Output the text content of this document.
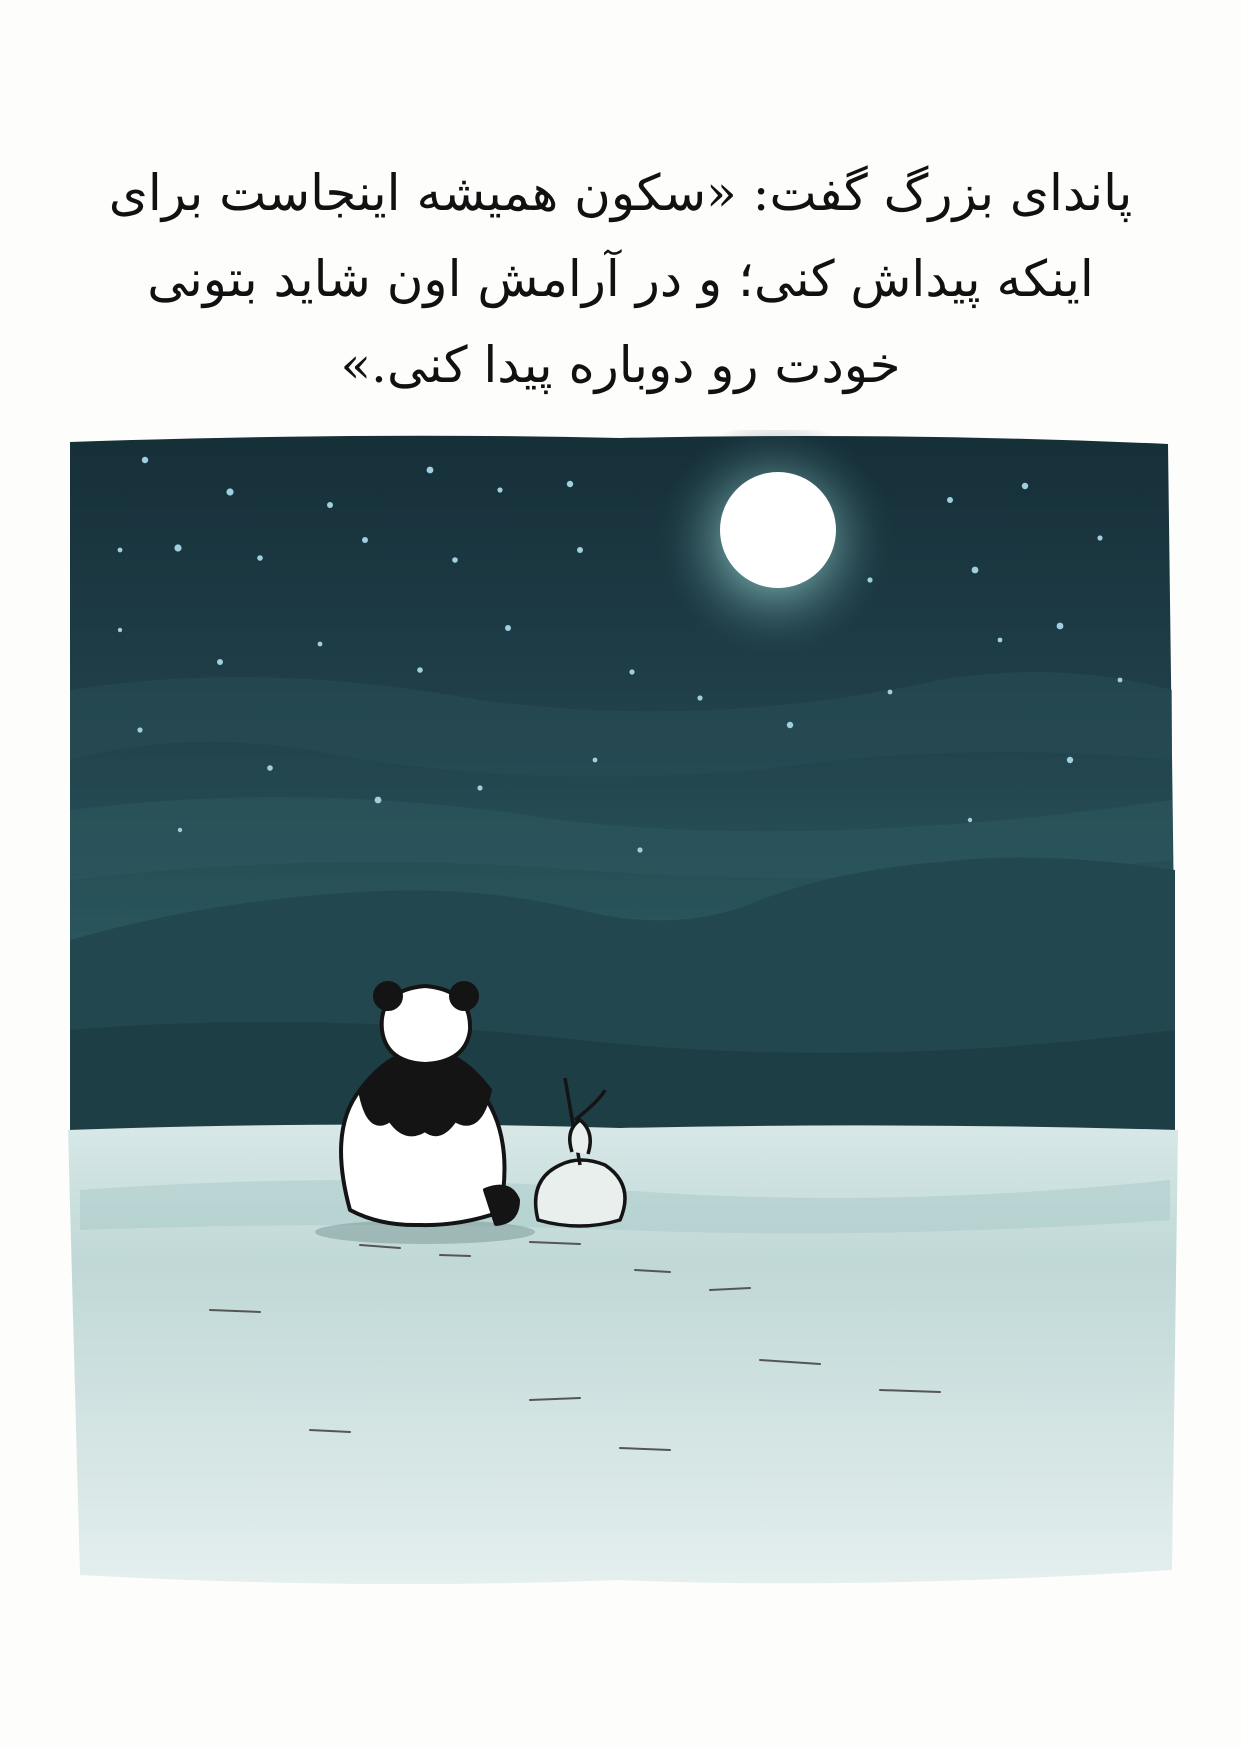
پاندای بزرگ گفت: «سکون همیشه اینجاست برای
اینکه پیداش کنی؛ و در آرامش اون شاید بتونی
خودت رو دوباره پیدا کنی.»
